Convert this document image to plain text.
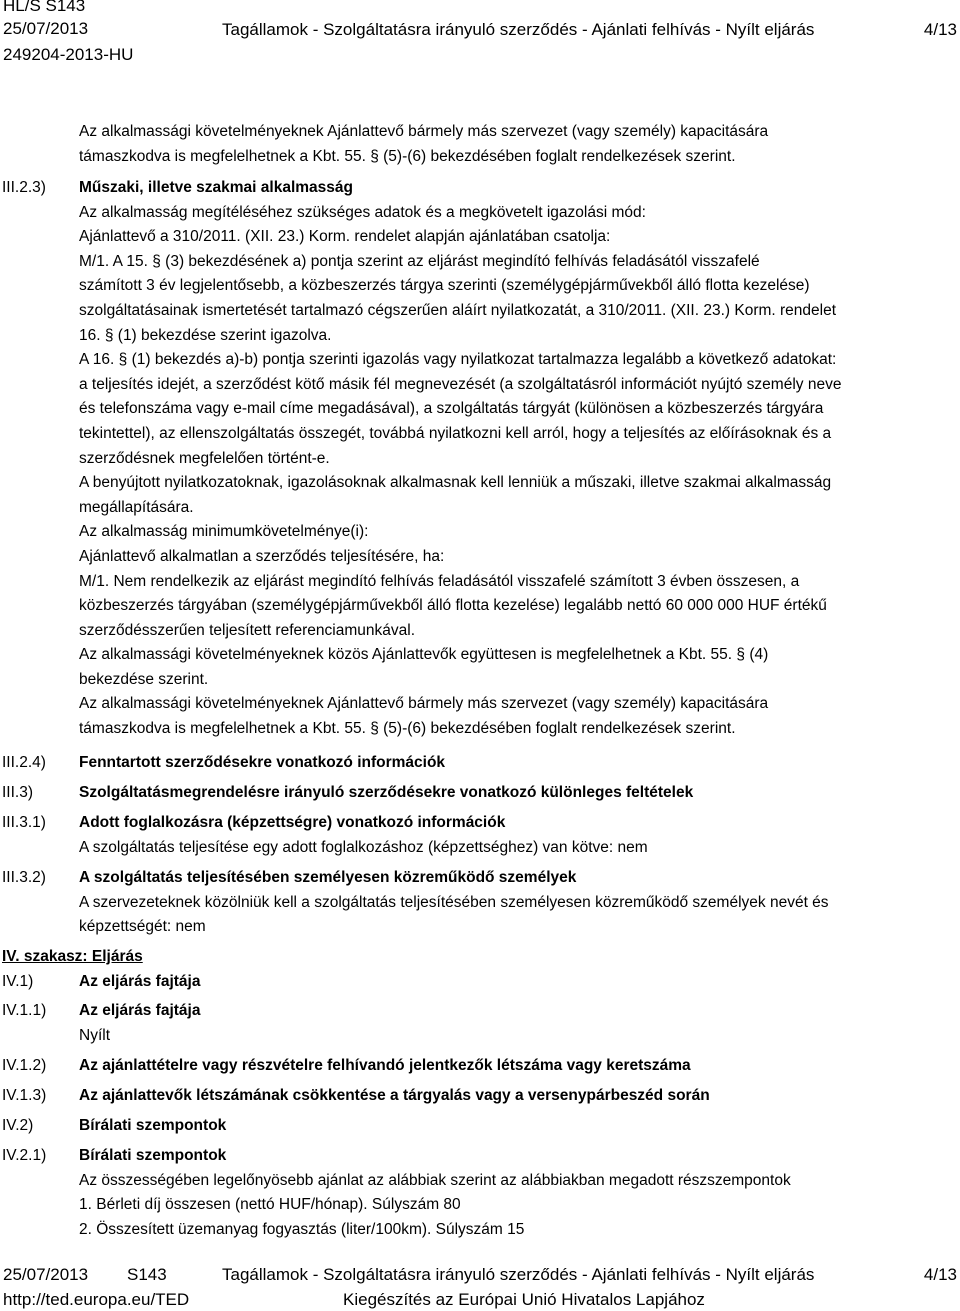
HL/S S143
25/07/2013
249204-2013-HU
Tagállamok - Szolgáltatásra irányuló szerződés - Ajánlati felhívás - Nyílt eljárás	4/13
Az alkalmassági követelményeknek Ajánlattevő bármely más szervezet (vagy személy) kapacitására
támaszkodva is megfelelhetnek a Kbt. 55. § (5)-(6) bekezdésében foglalt rendelkezések szerint.
III.2.3)	Műszaki, illetve szakmai alkalmasság
Az alkalmasság megítéléséhez szükséges adatok és a megkövetelt igazolási mód:
Ajánlattevő a 310/2011. (XII. 23.) Korm. rendelet alapján ajánlatában csatolja:
M/1. A 15. § (3) bekezdésének a) pontja szerint az eljárást megindító felhívás feladásától visszafelé
számított 3 év legjelentősebb, a közbeszerzés tárgya szerinti (személygépjárművekből álló flotta kezelése)
szolgáltatásainak ismertetését tartalmazó cégszerűen aláírt nyilatkozatát, a 310/2011. (XII. 23.) Korm. rendelet
16. § (1) bekezdése szerint igazolva.
A 16. § (1) bekezdés a)-b) pontja szerinti igazolás vagy nyilatkozat tartalmazza legalább a következő adatokat:
a teljesítés idejét, a szerződést kötő másik fél megnevezését (a szolgáltatásról információt nyújtó személy neve
és telefonszáma vagy e-mail címe megadásával), a szolgáltatás tárgyát (különösen a közbeszerzés tárgyára
tekintettel), az ellenszolgáltatás összegét, továbbá nyilatkozni kell arról, hogy a teljesítés az előírásoknak és a
szerződésnek megfelelően történt-e.
A benyújtott nyilatkozatoknak, igazolásoknak alkalmasnak kell lenniük a műszaki, illetve szakmai alkalmasság
megállapítására.
Az alkalmasság minimumkövetelménye(i):
Ajánlattevő alkalmatlan a szerződés teljesítésére, ha:
M/1. Nem rendelkezik az eljárást megindító felhívás feladásától visszafelé számított 3 évben összesen, a
közbeszerzés tárgyában (személygépjárművekből álló flotta kezelése) legalább nettó 60 000 000 HUF értékű
szerződésszerűen teljesített referenciamunkával.
Az alkalmassági követelményeknek közös Ajánlattevők együttesen is megfelelhetnek a Kbt. 55. § (4)
bekezdése szerint.
Az alkalmassági követelményeknek Ajánlattevő bármely más szervezet (vagy személy) kapacitására
támaszkodva is megfelelhetnek a Kbt. 55. § (5)-(6) bekezdésében foglalt rendelkezések szerint.
III.2.4)	Fenntartott szerződésekre vonatkozó információk
III.3)	Szolgáltatásmegrendelésre irányuló szerződésekre vonatkozó különleges feltételek
III.3.1)	Adott foglalkozásra (képzettségre) vonatkozó információk
A szolgáltatás teljesítése egy adott foglalkozáshoz (képzettséghez) van kötve: nem
III.3.2)	A szolgáltatás teljesítésében személyesen közreműködő személyek
A szervezeteknek közölniük kell a szolgáltatás teljesítésében személyesen közreműködő személyek nevét és
képzettségét: nem
IV. szakasz: Eljárás
IV.1)	Az eljárás fajtája
IV.1.1)	Az eljárás fajtája
Nyílt
IV.1.2)	Az ajánlattételre vagy részvételre felhívandó jelentkezők létszáma vagy keretszáma
IV.1.3)	Az ajánlattevők létszámának csökkentése a tárgyalás vagy a versenypárbeszéd során
IV.2)	Bírálati szempontok
IV.2.1)	Bírálati szempontok
Az összességében legelőnyösebb ajánlat az alábbiak szerint az alábbiakban megadott részszempontok
1. Bérleti díj összesen (nettó HUF/hónap). Súlyszám 80
2. Összesített üzemanyag fogyasztás (liter/100km). Súlyszám 15
25/07/2013 S143	Tagállamok - Szolgáltatásra irányuló szerződés - Ajánlati felhívás - Nyílt eljárás	4/13
http://ted.europa.eu/TED	Kiegészítés az Európai Unió Hivatalos Lapjához
